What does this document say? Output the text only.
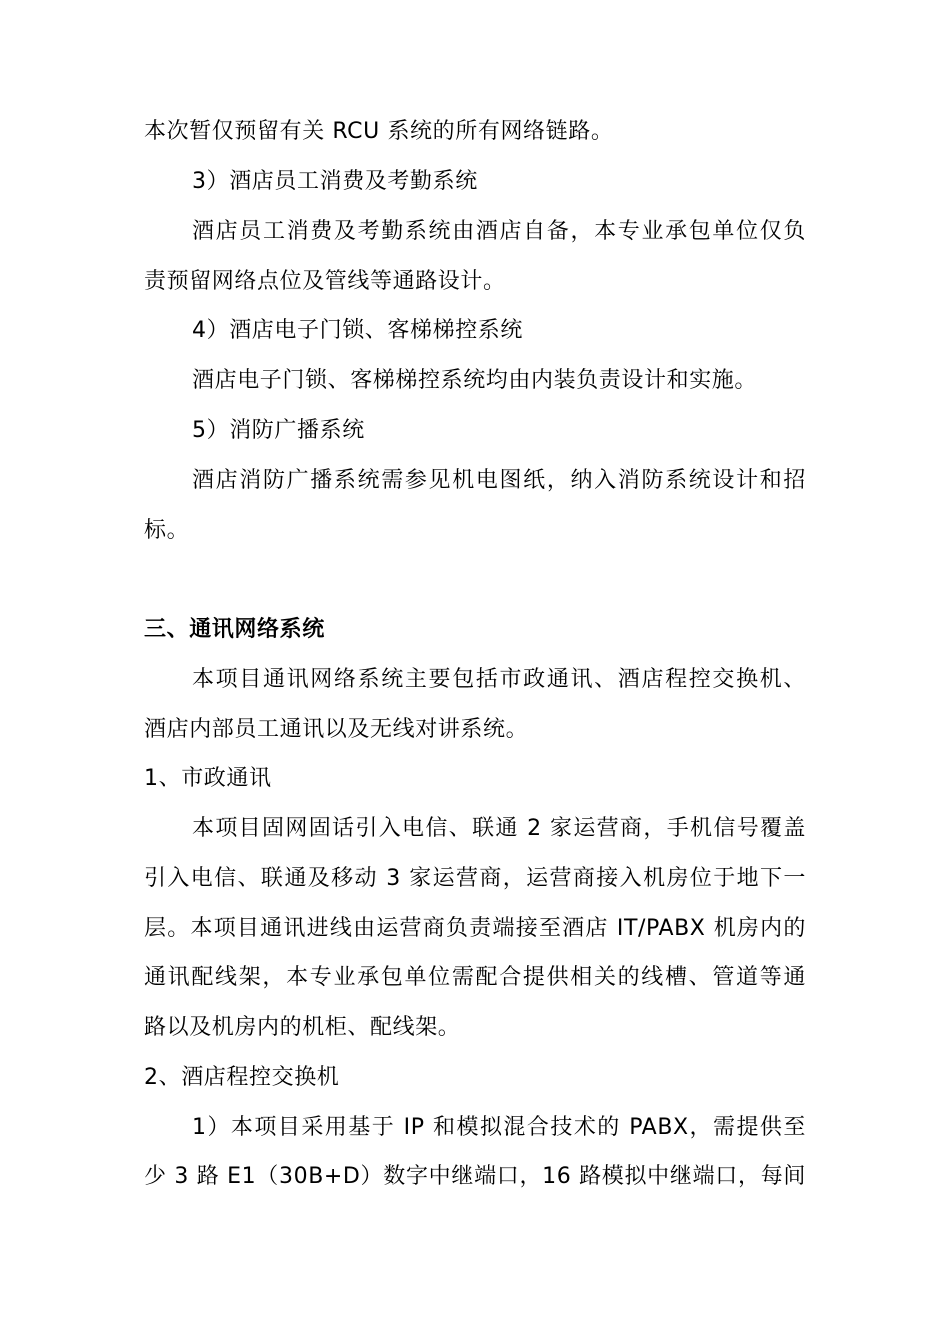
本次暂仅预留有关 RCU 系统的所有网络链路。
3）酒店员工消费及考勤系统
酒店员工消费及考勤系统由酒店自备，本专业承包单位仅负
责预留网络点位及管线等通路设计。
4）酒店电子门锁、客梯梯控系统
酒店电子门锁、客梯梯控系统均由内装负责设计和实施。
5）消防广播系统
酒店消防广播系统需参见机电图纸，纳入消防系统设计和招
标。
三、通讯网络系统
本项目通讯网络系统主要包括市政通讯、酒店程控交换机、
酒店内部员工通讯以及无线对讲系统。
1、市政通讯
本项目固网固话引入电信、联通 2 家运营商，手机信号覆盖
引入电信、联通及移动 3 家运营商，运营商接入机房位于地下一
层。本项目通讯进线由运营商负责端接至酒店 IT/PABX 机房内的
通讯配线架，本专业承包单位需配合提供相关的线槽、管道等通
路以及机房内的机柜、配线架。
2、酒店程控交换机
1）本项目采用基于 IP 和模拟混合技术的 PABX，需提供至
少 3 路 E1（30B+D）数字中继端口，16 路模拟中继端口，每间
